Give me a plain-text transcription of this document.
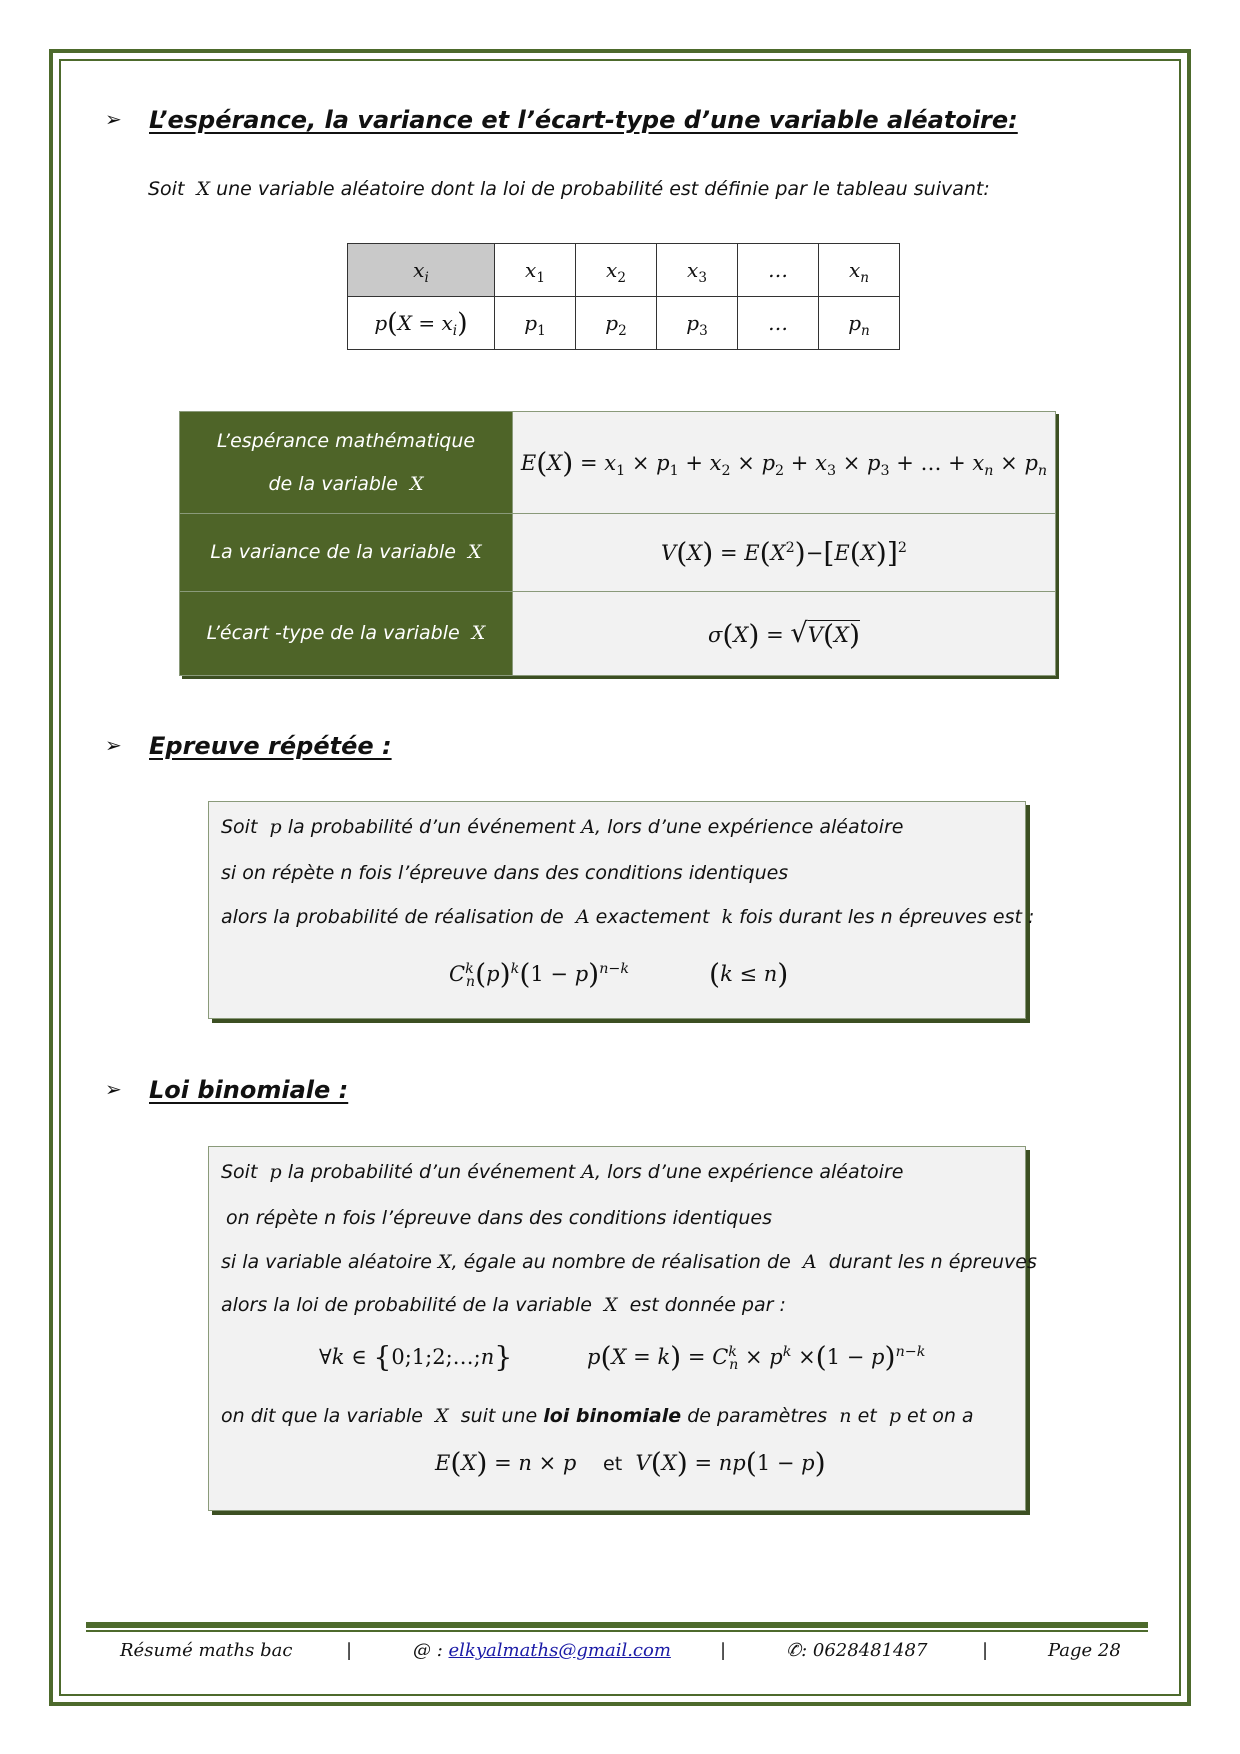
➢ L’espérance, la variance et l’écart-type d’une variable aléatoire:
Soit X une variable aléatoire dont la loi de probabilité est définie par le tableau suivant:
$x_i$	$x_1$	$x_2$	$x_3$	…	$x_n$
$p(X = x_i)$	$p_1$	$p_2$	$p_3$	…	$p_n$
L’espérance mathématique
de la variable X	$E(X) = x_1 \times p_1 + x_2 \times p_2 + x_3 \times p_3$ + … + $x_n \times p_n$
La variance de la variable X	$V(X) = E(X^2)-[E(X)]^2$
L’écart -type de la variable X	σ(X) = √V(X)
➢ Epreuve répétée :
Soit p la probabilité d’un événement A, lors d’une expérience aléatoire
si on répète n fois l’épreuve dans des conditions identiques
alors la probabilité de réalisation de A exactement k fois durant les n épreuves est :
$C^k_n(p)^k(1 - p)^{n-k}$	(k ≤ n)
➢ Loi binomiale :
Soit p la probabilité d’un événement A, lors d’une expérience aléatoire
on répète n fois l’épreuve dans des conditions identiques
si la variable aléatoire X, égale au nombre de réalisation de A durant les n épreuves
alors la loi de probabilité de la variable X est donnée par :
∀k ∈ {0;1;2;…;n}	$p(X = k) = C^k_n \times p^k \times(1 - p)^{n-k}$
on dit que la variable X suit une loi binomiale de paramètres n et p et on a
E(X) = n × p    et  V(X) = np(1 − p)
Résumé maths bac	|	@ : elkyalmaths@gmail.com	|	✆: 0628481487	|	Page 28
